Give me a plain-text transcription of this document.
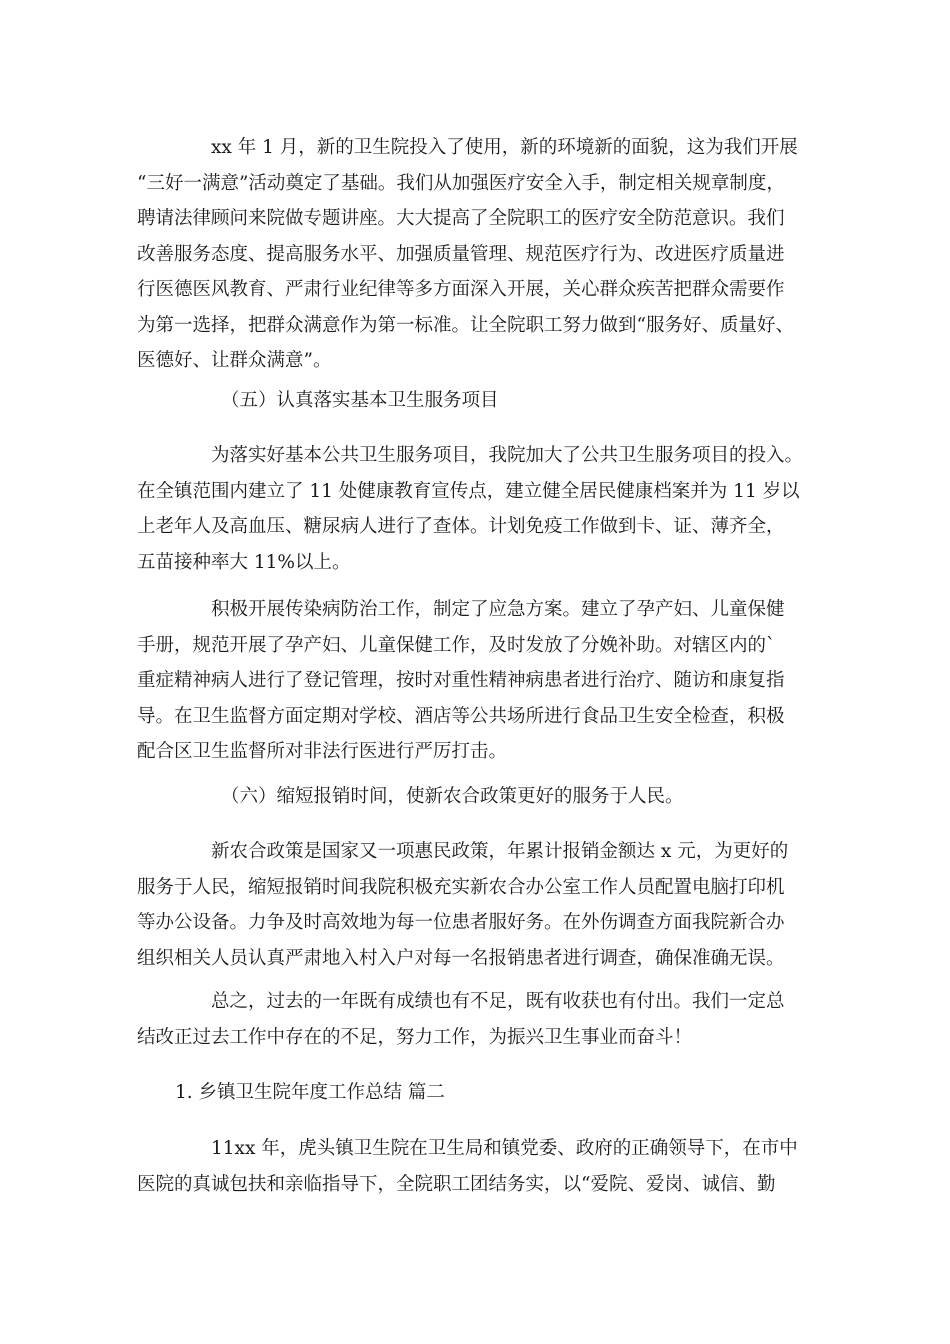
xx 年 1 月，新的卫生院投入了使用，新的环境新的面貌，这为我们开展
“三好一满意”活动奠定了基础。我们从加强医疗安全入手，制定相关规章制度，
聘请法律顾问来院做专题讲座。大大提高了全院职工的医疗安全防范意识。我们
改善服务态度、提高服务水平、加强质量管理、规范医疗行为、改进医疗质量进
行医德医风教育、严肃行业纪律等多方面深入开展，关心群众疾苦把群众需要作
为第一选择，把群众满意作为第一标准。让全院职工努力做到“服务好、质量好、
医德好、让群众满意”。
（五）认真落实基本卫生服务项目
为落实好基本公共卫生服务项目，我院加大了公共卫生服务项目的投入。
在全镇范围内建立了 11 处健康教育宣传点，建立健全居民健康档案并为 11 岁以
上老年人及高血压、糖尿病人进行了查体。计划免疫工作做到卡、证、薄齐全，
五苗接种率大 11%以上。
积极开展传染病防治工作，制定了应急方案。建立了孕产妇、儿童保健
手册，规范开展了孕产妇、儿童保健工作，及时发放了分娩补助。对辖区内的`
重症精神病人进行了登记管理，按时对重性精神病患者进行治疗、随访和康复指
导。在卫生监督方面定期对学校、酒店等公共场所进行食品卫生安全检查，积极
配合区卫生监督所对非法行医进行严厉打击。
（六）缩短报销时间，使新农合政策更好的服务于人民。
新农合政策是国家又一项惠民政策，年累计报销金额达 x 元，为更好的
服务于人民，缩短报销时间我院积极充实新农合办公室工作人员配置电脑打印机
等办公设备。力争及时高效地为每一位患者服好务。在外伤调查方面我院新合办
组织相关人员认真严肃地入村入户对每一名报销患者进行调查，确保准确无误。
总之，过去的一年既有成绩也有不足，既有收获也有付出。我们一定总
结改正过去工作中存在的不足，努力工作，为振兴卫生事业而奋斗！
1. 乡镇卫生院年度工作总结 篇二
11xx 年，虎头镇卫生院在卫生局和镇党委、政府的正确领导下，在市中
医院的真诚包扶和亲临指导下，全院职工团结务实，以“爱院、爱岗、诚信、勤
